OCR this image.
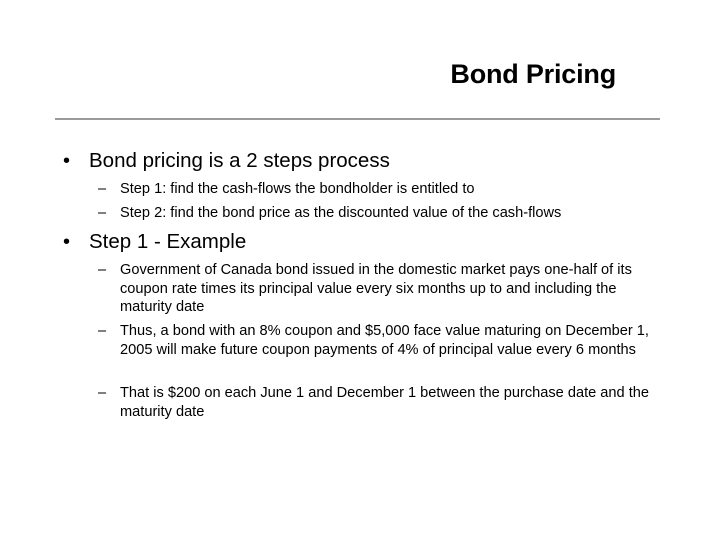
Bond Pricing
• Bond pricing is a 2 steps process
– Step 1: find the cash-flows the bondholder is entitled to
– Step 2: find the bond price as the discounted value of the cash-flows
• Step 1 - Example
– Government of Canada bond issued in the domestic market pays one-half of its coupon rate times its principal value every six months up to and including the maturity date
– Thus, a bond with an 8% coupon and $5,000 face value maturing on December 1, 2005 will make future coupon payments of 4% of principal value every 6 months
– That is $200 on each June 1 and December 1 between the purchase date and the maturity date
